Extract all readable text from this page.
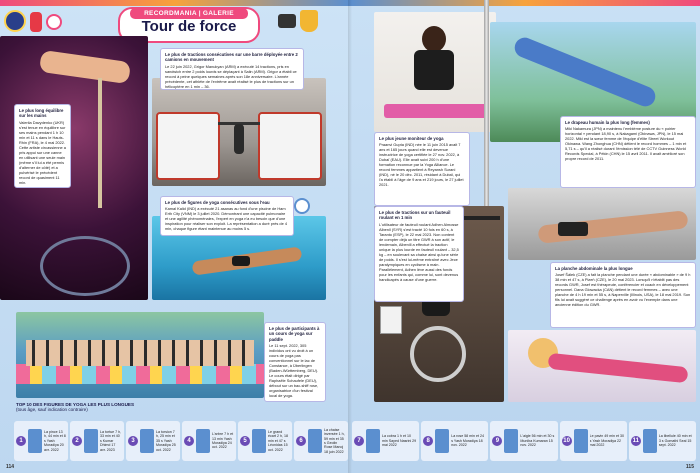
RECORDMANIA | GALERIE
Tour de force
Le plus long équilibre sur les mains

Valeriia Davydenko (UKR) s'est tenue en équilibre sur ses mains pendant 1 h 10 min et 11 s dans le Hauts-Rhin (FRA), le 4 mai 2022. Cette artiste circassienne a pris appui sur une canne en utilisant une seule main (même s'il lui a été permis d'alterner de côté) et a pulvérisé le précédent record de quasiment 11 min.

Le plus de tractions consécutives sur une barre déployée entre 2 camions en mouvement

Le 22 juin 2022, Grigor Manukyan (ARM) a exécuté 14 tractions, pris en sandwich entre 2 poids lourds se déplaçant à Salin (ARM). Grigor a établi ce record à peine quelques semaines après son 18e anniversaire. L'année précédente, cet athlète de l'extrême avait réalisé le plus de tractions sur un hélicoptère en 1 min – 36.

Le plus de figures de yoga consécutives sous l'eau

Kamal Kalid (IND) a exécuté 21 asanas au fond d'une piscine de Ham Erth City (VNM) le 3 juillet 2020. Démontrant une capacité pulmonaire et une agilité phénoménales, l'expert en yoga n'a eu besoin que d'une inspiration pour réaliser son exploit. La représentation a duré près de 4 min, chaque figure étant maintenue au moins 5 s.

Le plus de participants à un cours de yoga sur paddle

Le 11 sept. 2022, 305 individus ont vu droit à un cours de yoga pas conventionnel sur le lac de Constance, à Überlingen (Baden-Württemberg, DEU). Le cours était dirigé par Raphaële Schaufele (DEU), débout sur un bac-shiff rose, organisatrice d'un festival local de yoga.

TOP 10 DES FIGURES DE YOGA LES PLUS LONGUES
(tous âge, sauf indication contraire)
1
La pince 13 h, 44 min et 8 s Yash Moradiya 20 avr. 2022
2
La tortue 7 h, 33 min et 40 s Kumar Dhimd 17 avr. 2023
3
La torsion 7 h, 25 min et 35 s Yash Moradiya 25 oct. 2022
4
L'arbre 7 h et 13 min Yash Moradiya 24 oct. 2022
5
Le grand écart 2 h, 18 min et 47 s Léonidas 15 oct. 2022
6
La chaise inversée 1 h, 59 min et 35 s Geolin Rose Manoj 18 juin 2022
114
Le plus jeune moniteur de yoga

Praanvi Gupta (IND) née le 11 juin 2015 avait 7 ans et 165 jours quand elle est devenue instructrice de yoga certifiée le 27 nov. 2022, à Dubaï (EAU). Elle avait suivi 200 h d'une formation reconnue par la Yoga Alliance. Le record femmes appartient à Reyansh Surani (IND), né le 20 déc. 2011, résidant à Dubaï, qui l'a établi à l'âge de 9 ans et 219 jours, le 27 juillet 2021.

Le drapeau humain la plus long (femmes)

Miki Nakamura (JPN) a maintenu l'emblème posture du « poirier horizontal » pendant 18,90 s, à Nakagami (Okinawa, JPN), le 15 mai 2022. Miki est la sœur femme de l'équipe d'élite Street Workout Okinawa. Wang Zhonghua (CHN) détient le record hommes – 1 min et 5,71 s – qu'il a réalisé durant l'émission télé de CCTV Guinness World Records Special, à Pékin (CHN) le 15 avril 2011. Il avait amélioré son propre record de 2011.

Le plus de tractions sur un fauteuil roulant en 1 min

L'utilisateur de fauteuil roulant Adhen Almosse Albenll (SYR) s'est tracté 10 fois en 60 s, à Taranto (ESP), le 22 mai 2023. Non content de compter déjà un titre GWR à son actif, le lendemain, Albenill a effectué la traction unique la plus lourde en fauteuil roulant – 32,5 kg – en soulevant sa chaise ainsi qu'une série de poids. Il s'est lui-même entraîné avec Jece paralympiques en cyclisme à main. Parallèlement, Adhen lève aussi des fonds pour les enfants qui, comme lui, sont devenus handicapés à cause d'une guerre.

La planche abdominale la plus longue

Josef Šálek (CZE) a fait la planche pendant une durée « abdominable » de 9 h 38 min et 47 s, à Plzeň (CZE), le 20 mai 2023. Lorsqu'il n'établit pas des records GWR, Josef est thérapeute, conférencier et coach en développement personnel. Dana Glowacka (CAN) détient le record femmes – avec une planche de 4 h 19 min et 55 s, à Naperville (Illinois, USA), le 18 mai 2019. Son fils lui avait suggéré ce challenge après en avoir vu l'exemple dans une ancienne édition du GWR.

7
La cobra 1 h et 10 min Sayed Nasrini 29 mai 2022
8
La rose 58 min et 24 s Yash Moradiya 18 nov. 2022
9
L'aigle 56 min et 30 s Muniba Kumaran 15 nov. 2022
10
Le pavin 49 min et 30 s Yash Moradiya 22 mai 2022
11
La libellule 40 min et 3 s Gomathi Seal 15 sept. 2022
115
